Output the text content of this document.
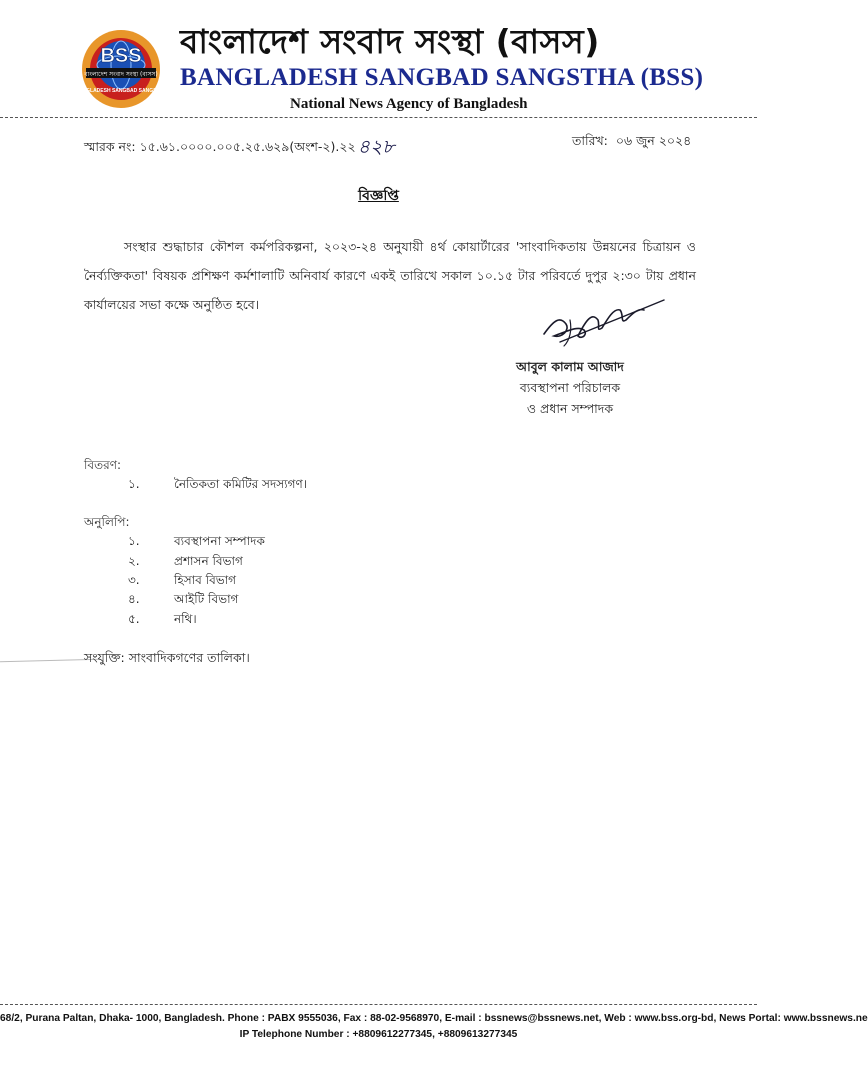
BSS
বাংলাদেশ সংবাদ সংস্থা (বাসস)
BANGLADESH SANGBAD SANGSTHA
বাংলাদেশ সংবাদ সংস্থা (বাসস)
BANGLADESH SANGBAD SANGSTHA (BSS)
National News Agency of Bangladesh
স্মারক নং: ১৫.৬১.০০০০.০০৫.২৫.৬২৯(অংশ-২).২২ ৪২৮	তারিখ: ০৬ জুন ২০২৪
বিজ্ঞপ্তি
সংস্থার শুদ্ধাচার কৌশল কর্মপরিকল্পনা, ২০২৩-২৪ অনুযায়ী ৪র্থ কোয়ার্টারের 'সাংবাদিকতায় উন্নয়নের চিত্রায়ন ও নৈর্ব্যক্তিকতা' বিষয়ক প্রশিক্ষণ কর্মশালাটি অনিবার্য কারণে একই তারিখে সকাল ১০.১৫ টার পরিবর্তে দুপুর ২:৩০ টায় প্রধান কার্যালয়ের সভা কক্ষে অনুষ্ঠিত হবে।
আবুল কালাম আজাদ
ব্যবস্থাপনা পরিচালক
ও প্রধান সম্পাদক
বিতরণ:
১.	নৈতিকতা কমিটির সদস্যগণ।
অনুলিপি:
১.	ব্যবস্থাপনা সম্পাদক
২.	প্রশাসন বিভাগ
৩.	হিসাব বিভাগ
৪.	আইটি বিভাগ
৫.	নথি।
সংযুক্তি: সাংবাদিকগণের তালিকা।
68/2, Purana Paltan, Dhaka- 1000, Bangladesh. Phone : PABX 9555036, Fax : 88-02-9568970, E-mail : bssnews@bssnews.net, Web : www.bss.org-bd, News Portal: www.bssnews.ne
IP Telephone Number : +8809612277345, +8809613277345
